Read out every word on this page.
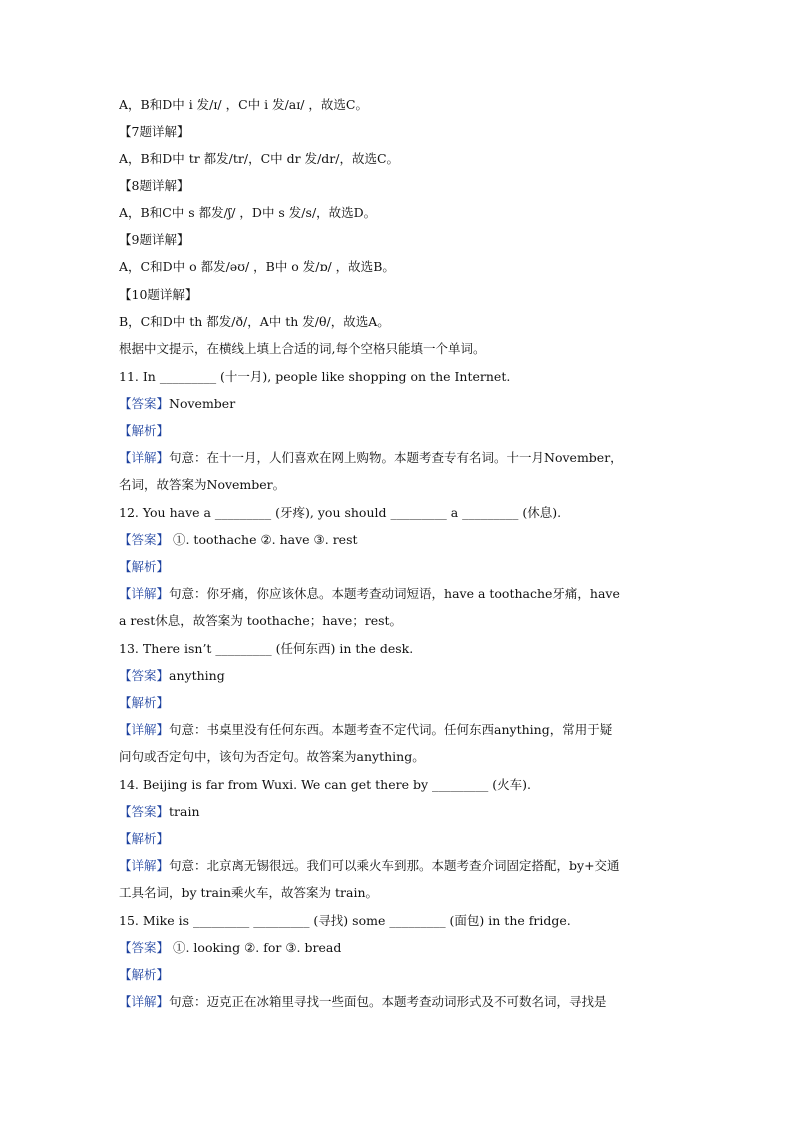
A，B和D中 i 发/ɪ/ ，C中 i 发/aɪ/ ，故选C。
【7题详解】
A，B和D中 tr 都发/tr/，C中 dr 发/dr/，故选C。
【8题详解】
A，B和C中 s 都发/ʃ/ ，D中 s 发/s/，故选D。
【9题详解】
A，C和D中 o 都发/əʊ/ ，B中 o 发/ɒ/ ，故选B。
【10题详解】
B，C和D中 th 都发/ð/，A中 th 发/θ/，故选A。
根据中文提示，在横线上填上合适的词,每个空格只能填一个单词。
11. In _________ (十一月), people like shopping on the Internet.
【答案】November
【解析】
【详解】句意：在十一月，人们喜欢在网上购物。本题考查专有名词。十一月November，
名词，故答案为November。
12. You have a _________ (牙疼), you should _________ a _________ (休息).
【答案】 ①. toothache ②. have ③. rest
【解析】
【详解】句意：你牙痛，你应该休息。本题考查动词短语，have a toothache牙痛，have
a rest休息，故答案为 toothache；have；rest。
13. There isn’t _________ (任何东西) in the desk.
【答案】anything
【解析】
【详解】句意：书桌里没有任何东西。本题考查不定代词。任何东西anything，常用于疑
问句或否定句中，该句为否定句。故答案为anything。
14. Beijing is far from Wuxi. We can get there by _________ (火车).
【答案】train
【解析】
【详解】句意：北京离无锡很远。我们可以乘火车到那。本题考查介词固定搭配，by+交通
工具名词，by train乘火车，故答案为 train。
15. Mike is _________ _________ (寻找) some _________ (面包) in the fridge.
【答案】 ①. looking ②. for ③. bread
【解析】
【详解】句意：迈克正在冰箱里寻找一些面包。本题考查动词形式及不可数名词，寻找是
